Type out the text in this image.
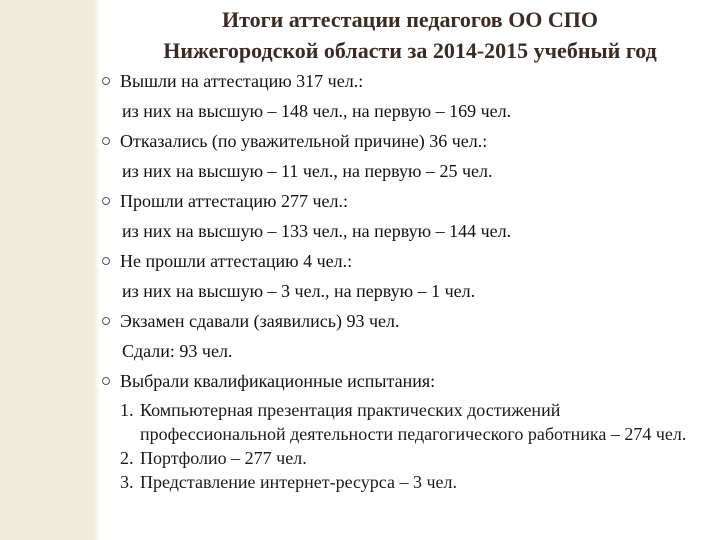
Итоги аттестации педагогов ОО СПО
Нижегородской области за 2014-2015 учебный год
Вышли на аттестацию 317 чел.:
из них на высшую – 148 чел., на первую – 169 чел.
Отказались (по уважительной причине) 36 чел.:
из них на высшую – 11 чел., на первую – 25 чел.
Прошли аттестацию 277 чел.:
из них на высшую – 133 чел., на первую – 144 чел.
Не прошли аттестацию 4 чел.:
из них на высшую – 3 чел., на первую – 1 чел.
Экзамен сдавали (заявились) 93 чел.
Сдали: 93 чел.
Выбрали квалификационные испытания:
1. Компьютерная презентация практических достижений профессиональной деятельности педагогического работника – 274 чел.
2. Портфолио – 277 чел.
3. Представление интернет-ресурса – 3 чел.
